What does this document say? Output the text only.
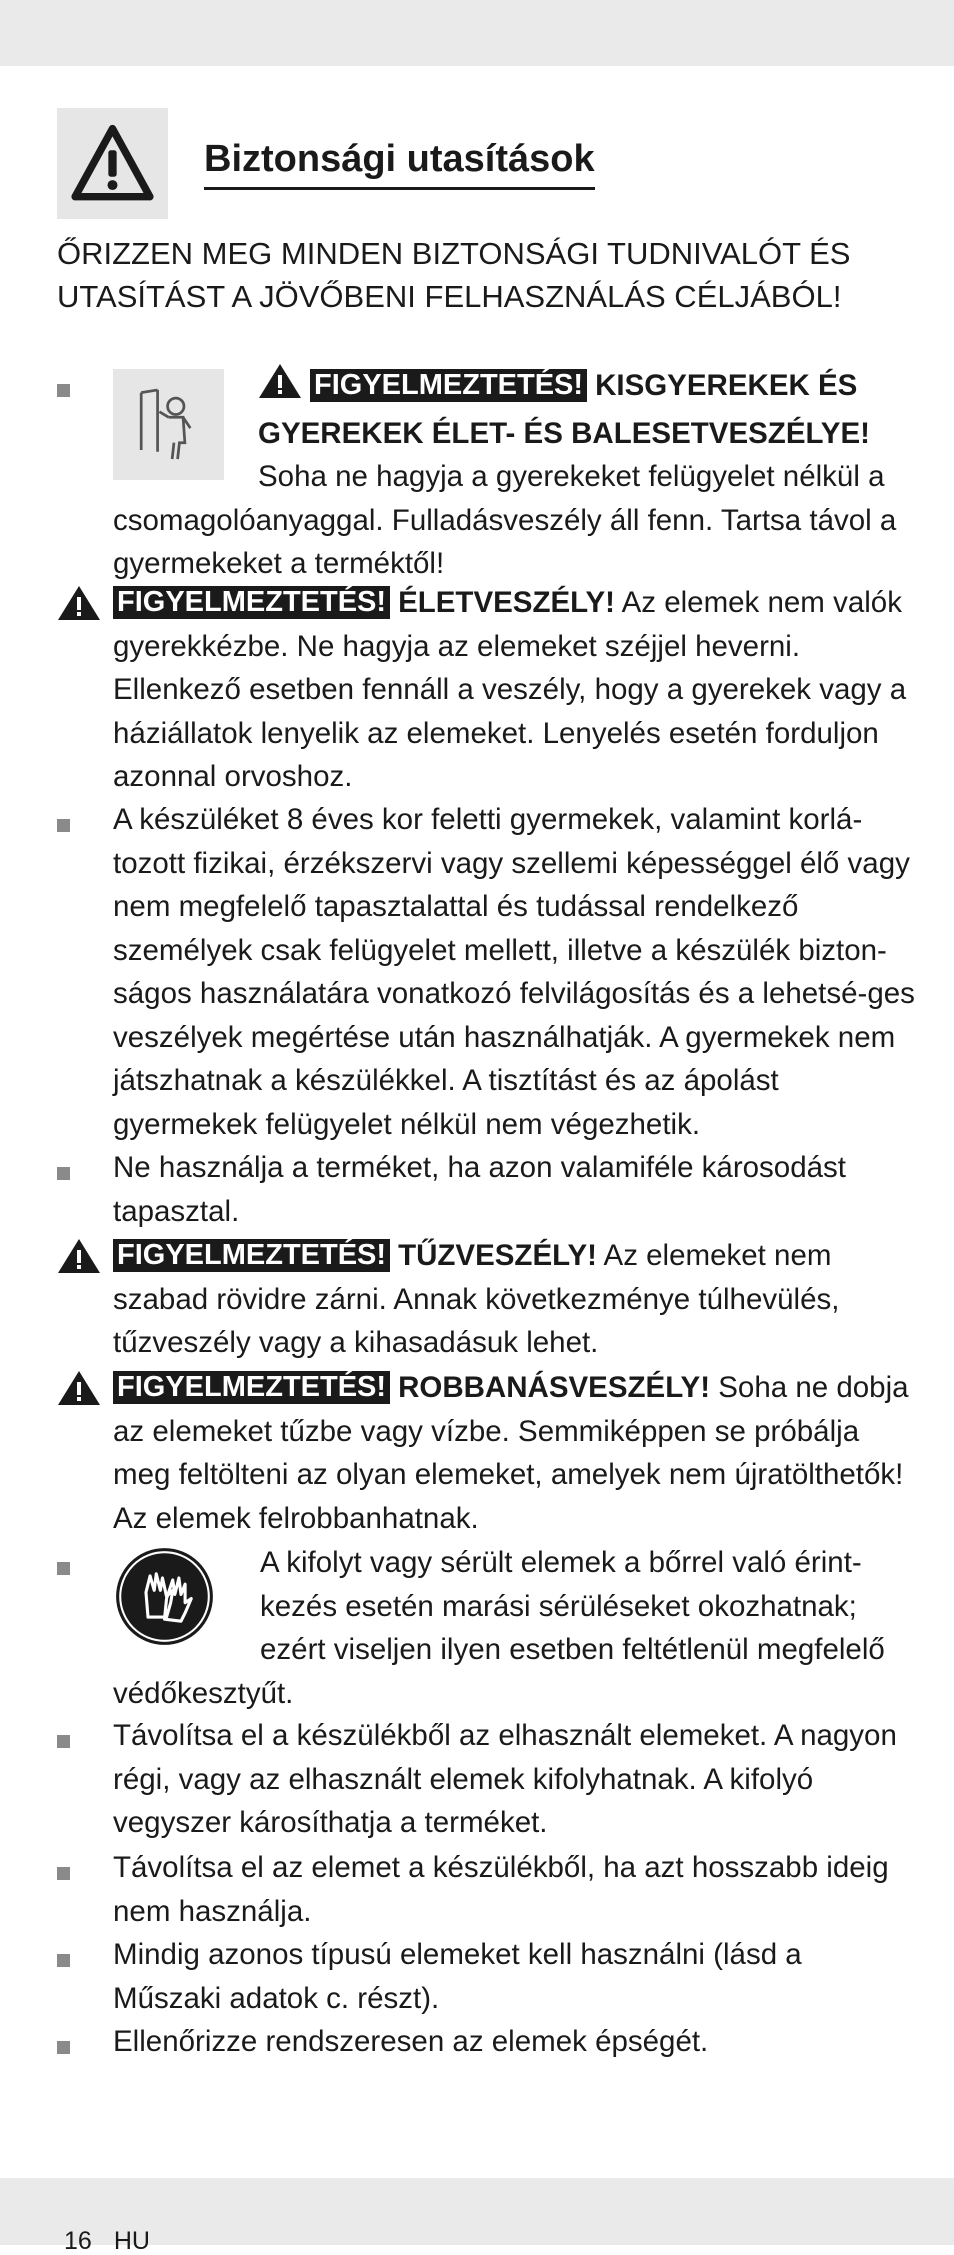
Biztonsági utasítások
ŐRIZZEN MEG MINDEN BIZTONSÁGI TUDNIVALÓT ÉS UTASÍTÁST A JÖVŐBENI FELHASZNÁLÁS CÉLJÁBÓL!
FIGYELMEZTETÉS! KISGYEREKEK ÉS GYEREKEK ÉLET- ÉS BALESETVESZÉLYE! Soha ne hagyja a gyerekeket felügyelet nélkül a csomagolóanyaggal. Fulladásveszély áll fenn. Tartsa távol a gyermekeket a terméktől!
FIGYELMEZTETÉS! ÉLETVESZÉLY! Az elemek nem valók gyerekkézbe. Ne hagyja az elemeket széjjel heverni. Ellenkező esetben fennáll a veszély, hogy a gyerekek vagy a háziállatok lenyelik az elemeket. Lenyelés esetén forduljon azonnal orvoshoz.
A készüléket 8 éves kor feletti gyermekek, valamint korlá-tozott fizikai, érzékszervi vagy szellemi képességgel élő vagy nem megfelelő tapasztalattal és tudással rendelkező személyek csak felügyelet mellett, illetve a készülék bizton-ságos használatára vonatkozó felvilágosítás és a lehetsé-ges veszélyek megértése után használhatják. A gyermekek nem játszhatnak a készülékkel. A tisztítást és az ápolást gyermekek felügyelet nélkül nem végezhetik.
Ne használja a terméket, ha azon valamiféle károsodást tapasztal.
FIGYELMEZTETÉS! TŰZVESZÉLY! Az elemeket nem szabad rövidre zárni. Annak következménye túlhevülés, tűzveszély vagy a kihasadásuk lehet.
FIGYELMEZTETÉS! ROBBANÁSVESZÉLY! Soha ne dobja az elemeket tűzbe vagy vízbe. Semmiképpen se próbálja meg feltölteni az olyan elemeket, amelyek nem újratölthetők! Az elemek felrobbanhatnak.
A kifolyt vagy sérült elemek a bőrrel való érint-kezés esetén marási sérüléseket okozhatnak; ezért viseljen ilyen esetben feltétlenül megfelelő védőkesztyűt.
Távolítsa el a készülékből az elhasznált elemeket. A nagyon régi, vagy az elhasznált elemek kifolyhatnak. A kifolyó vegyszer károsíthatja a terméket.
Távolítsa el az elemet a készülékből, ha azt hosszabb ideig nem használja.
Mindig azonos típusú elemeket kell használni (lásd a Műszaki adatok c. részt).
Ellenőrizze rendszeresen az elemek épségét.
16 HU
